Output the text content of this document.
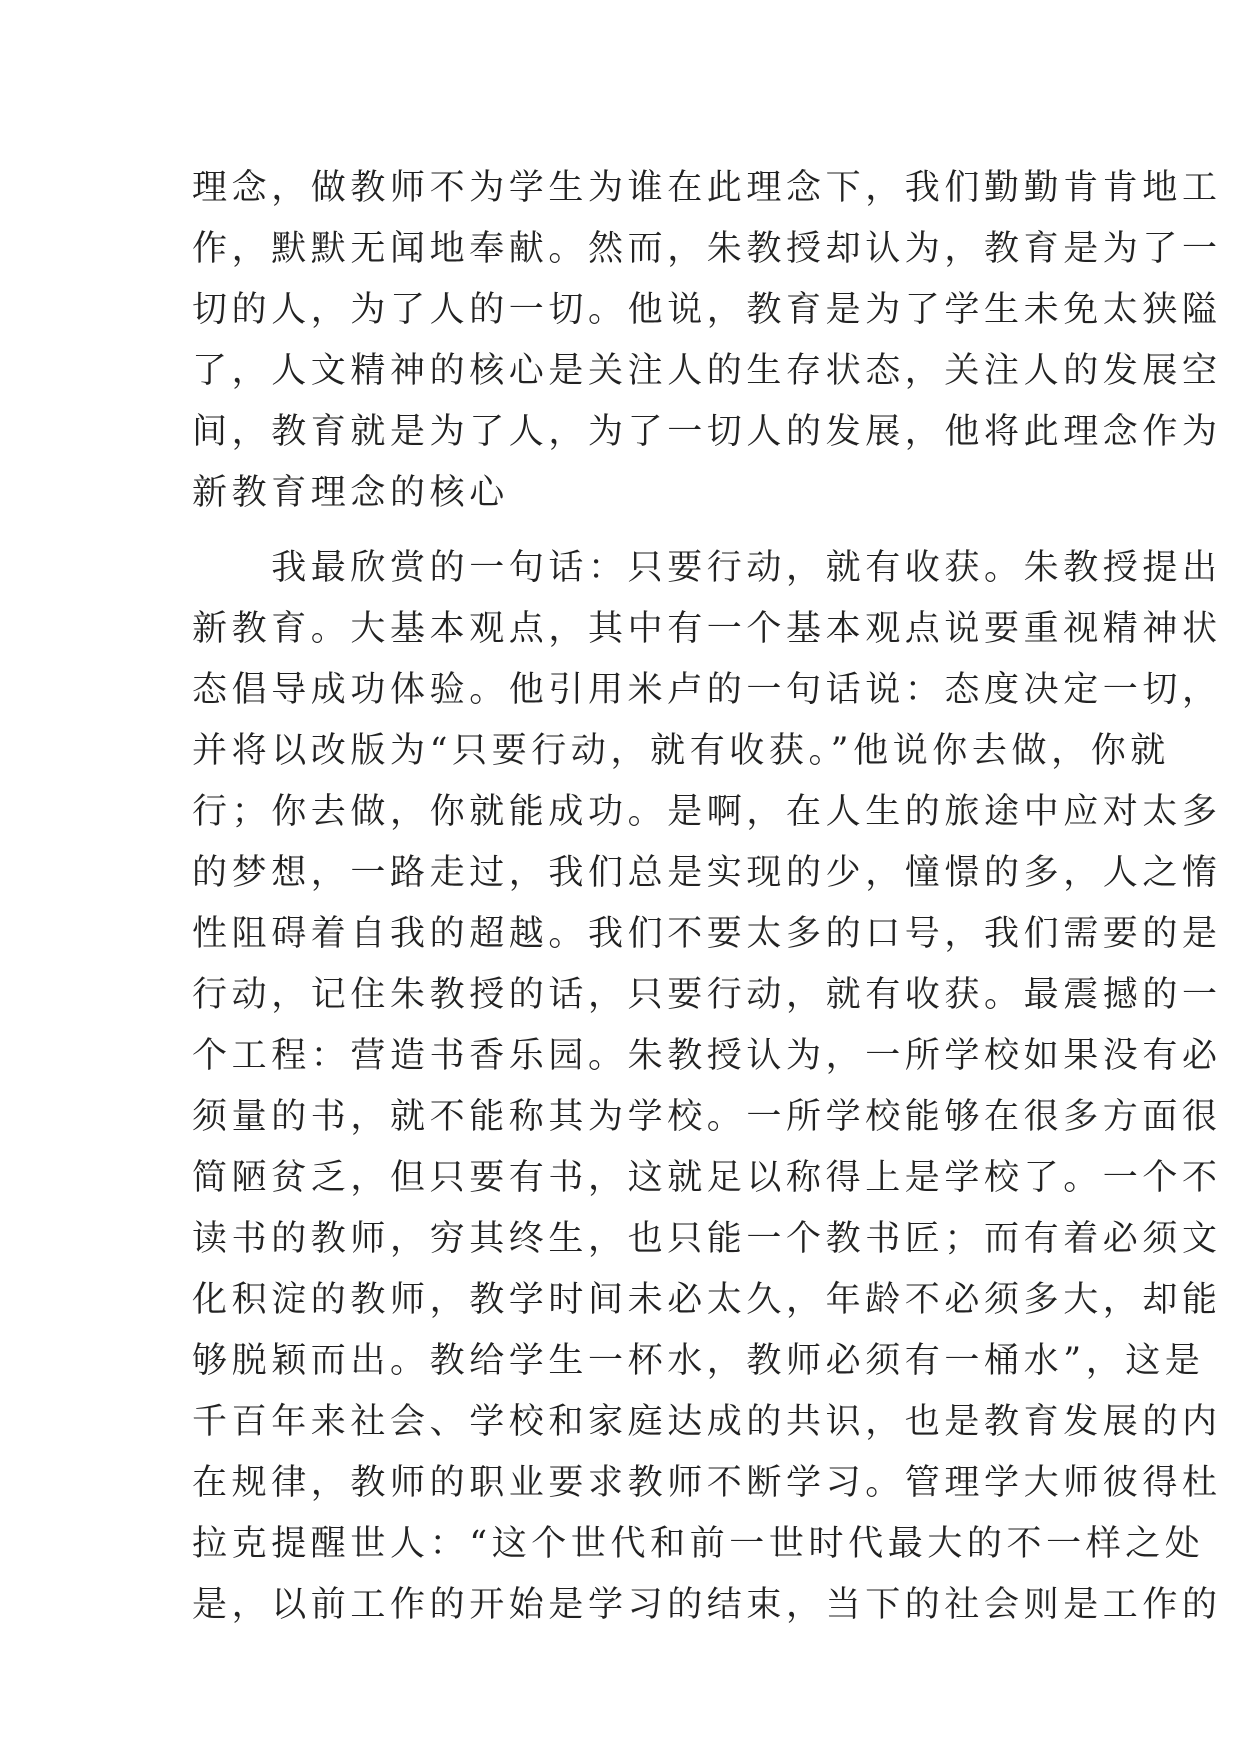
理念，做教师不为学生为谁在此理念下，我们勤勤肯肯地工
作，默默无闻地奉献。然而，朱教授却认为，教育是为了一
切的人，为了人的一切。他说，教育是为了学生未免太狭隘
了，人文精神的核心是关注人的生存状态，关注人的发展空
间，教育就是为了人，为了一切人的发展，他将此理念作为
新教育理念的核心
　　我最欣赏的一句话：只要行动，就有收获。朱教授提出
新教育。大基本观点，其中有一个基本观点说要重视精神状
态倡导成功体验。他引用米卢的一句话说：态度决定一切，
并将以改版为“只要行动，就有收获。”他说你去做，你就
行；你去做，你就能成功。是啊，在人生的旅途中应对太多
的梦想，一路走过，我们总是实现的少，憧憬的多，人之惰
性阻碍着自我的超越。我们不要太多的口号，我们需要的是
行动，记住朱教授的话，只要行动，就有收获。最震撼的一
个工程：营造书香乐园。朱教授认为，一所学校如果没有必
须量的书，就不能称其为学校。一所学校能够在很多方面很
简陋贫乏，但只要有书，这就足以称得上是学校了。一个不
读书的教师，穷其终生，也只能一个教书匠；而有着必须文
化积淀的教师，教学时间未必太久，年龄不必须多大，却能
够脱颖而出。教给学生一杯水，教师必须有一桶水”，这是
千百年来社会、学校和家庭达成的共识，也是教育发展的内
在规律，教师的职业要求教师不断学习。管理学大师彼得杜
拉克提醒世人：“这个世代和前一世时代最大的不一样之处
是，以前工作的开始是学习的结束，当下的社会则是工作的
